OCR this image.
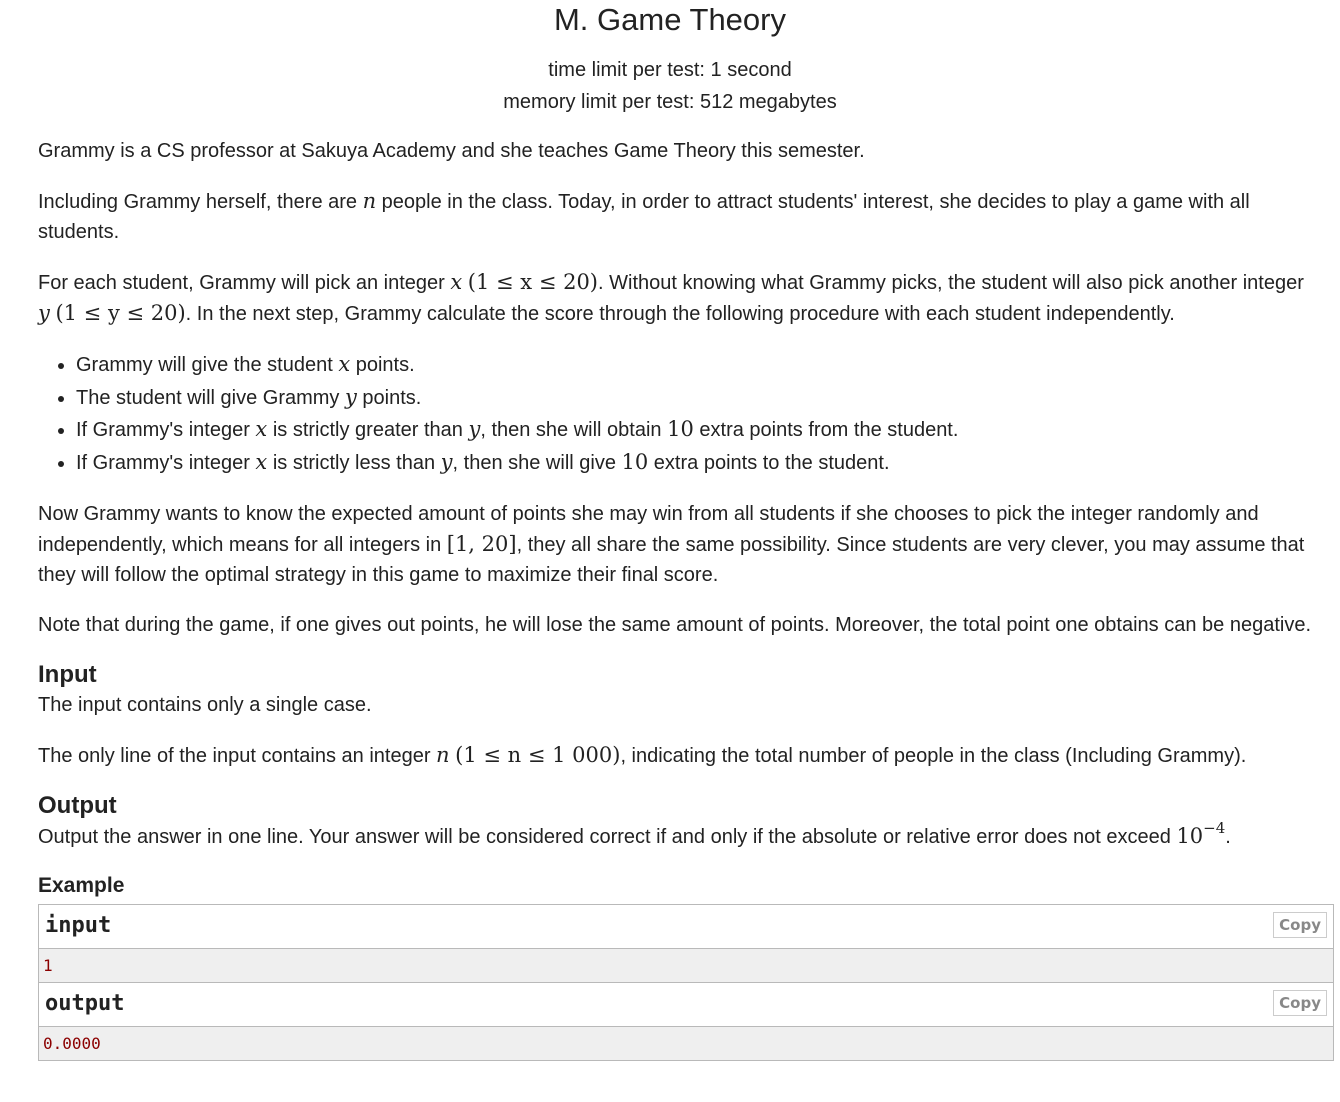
M. Game Theory
time limit per test: 1 second
memory limit per test: 512 megabytes

Grammy is a CS professor at Sakuya Academy and she teaches Game Theory this semester.

Including Grammy herself, there are n people in the class. Today, in order to attract students' interest, she decides to play a game with all students.

For each student, Grammy will pick an integer x (1 ≤ x ≤ 20). Without knowing what Grammy picks, the student will also pick another integer y (1 ≤ y ≤ 20). In the next step, Grammy calculate the score through the following procedure with each student independently.

• Grammy will give the student x points.
• The student will give Grammy y points.
• If Grammy's integer x is strictly greater than y, then she will obtain 10 extra points from the student.
• If Grammy's integer x is strictly less than y, then she will give 10 extra points to the student.

Now Grammy wants to know the expected amount of points she may win from all students if she chooses to pick the integer randomly and independently, which means for all integers in [1, 20], they all share the same possibility. Since students are very clever, you may assume that they will follow the optimal strategy in this game to maximize their final score.

Note that during the game, if one gives out points, he will lose the same amount of points. Moreover, the total point one obtains can be negative.

Input

The input contains only a single case.

The only line of the input contains an integer n (1 ≤ n ≤ 1 000), indicating the total number of people in the class (Including Grammy).

Output

Output the answer in one line. Your answer will be considered correct if and only if the absolute or relative error does not exceed $10^{-4}$.

Example
input	Copy
1
output	Copy
0.0000
